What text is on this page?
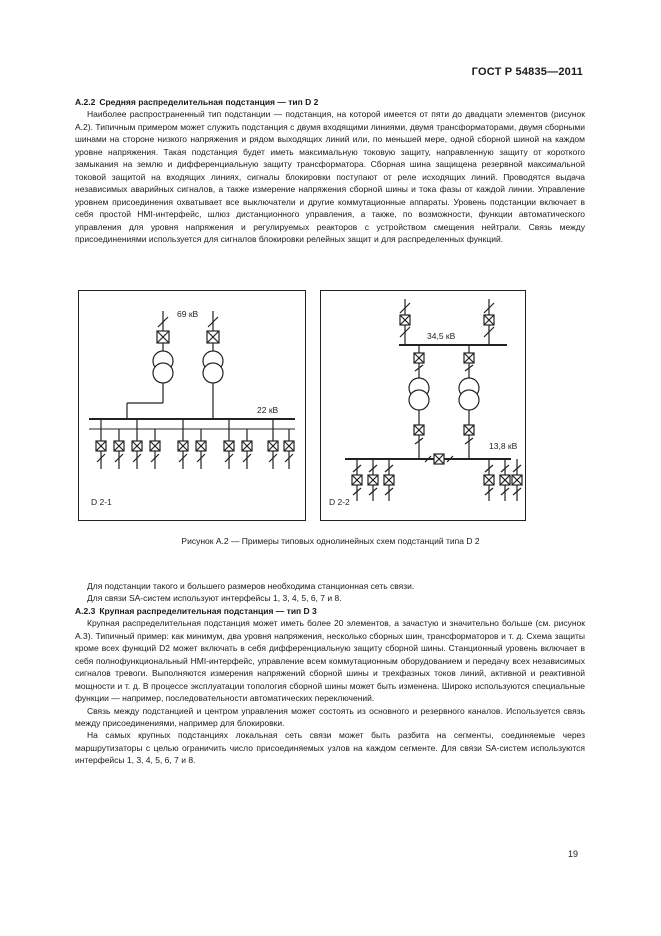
ГОСТ Р 54835—2011

А.2.2 Средняя распределительная подстанция — тип D 2

Наиболее распространенный тип подстанции — подстанция, на которой имеется от пяти до двадцати элементов (рисунок А.2). Типичным примером может служить подстанция с двумя входящими линиями, двумя трансформаторами, двумя сборными шинами на стороне низкого напряжения и рядом выходящих линий или, по меньшей мере, одной сборной шиной на каждом уровне напряжения. Такая подстанция будет иметь максимальную токовую защиту, направленную защиту от короткого замыкания на землю и дифференциальную защиту трансформатора. Сборная шина защищена резервной максимальной токовой защитой на входящих линиях, сигналы блокировки поступают от реле исходящих линий. Проводятся выдача независимых аварийных сигналов, а также измерение напряжения сборной шины и тока фазы от каждой линии. Управление уровнем присоединения охватывает все выключатели и другие коммутационные аппараты. Уровень подстанции включает в себя простой HMI-интерфейс, шлюз дистанционного управления, а также, по возможности, функции автоматического управления для уровня напряжения и регулируемых реакторов с устройством смещения нейтрали. Связь между присоединениями используется для сигналов блокировки релейных защит и для распределенных функций.

69 кВ
22 кВ
D 2-1
34,5 кВ
13,8 кВ
D 2-2
Рисунок А.2 — Примеры типовых однолинейных схем подстанций типа D 2

Для подстанции такого и большего размеров необходима станционная сеть связи.

Для связи SA-систем используют интерфейсы 1, 3, 4, 5, 6, 7 и 8.

А.2.3 Крупная распределительная подстанция — тип D 3

Крупная распределительная подстанция может иметь более 20 элементов, а зачастую и значительно больше (см. рисунок А.3). Типичный пример: как минимум, два уровня напряжения, несколько сборных шин, трансформаторов и т. д. Схема защиты кроме всех функций D2 может включать в себя дифференциальную защиту сборной шины. Станционный уровень включает в себя полнофункциональный HMI-интерфейс, управление всем коммутационным оборудованием и передачу всех независимых сигналов тревоги. Выполняются измерения напряжений сборной шины и трехфазных токов линий, активной и реактивной мощности и т. д. В процессе эксплуатации топология сборной шины может быть изменена. Широко используются специальные функции — например, последовательности автоматических переключений.

Связь между подстанцией и центром управления может состоять из основного и резервного каналов. Используется связь между присоединениями, например для блокировки.

На самых крупных подстанциях локальная сеть связи может быть разбита на сегменты, соединяемые через маршрутизаторы с целью ограничить число присоединяемых узлов на каждом сегменте. Для связи SA-систем используются интерфейсы 1, 3, 4, 5, 6, 7 и 8.

19
